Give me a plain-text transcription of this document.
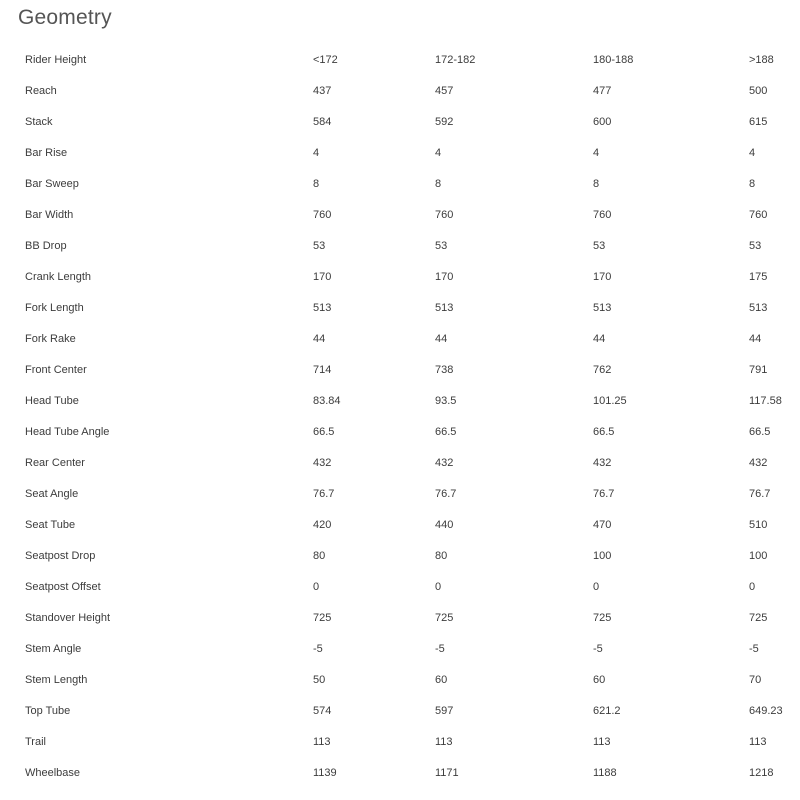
Geometry
Rider Height	<172	172-182	180-188	>188
Reach	437	457	477	500
Stack	584	592	600	615
Bar Rise	4	4	4	4
Bar Sweep	8	8	8	8
Bar Width	760	760	760	760
BB Drop	53	53	53	53
Crank Length	170	170	170	175
Fork Length	513	513	513	513
Fork Rake	44	44	44	44
Front Center	714	738	762	791
Head Tube	83.84	93.5	101.25	117.58
Head Tube Angle	66.5	66.5	66.5	66.5
Rear Center	432	432	432	432
Seat Angle	76.7	76.7	76.7	76.7
Seat Tube	420	440	470	510
Seatpost Drop	80	80	100	100
Seatpost Offset	0	0	0	0
Standover Height	725	725	725	725
Stem Angle	-5	-5	-5	-5
Stem Length	50	60	60	70
Top Tube	574	597	621.2	649.23
Trail	113	113	113	113
Wheelbase	1139	1171	1188	1218
